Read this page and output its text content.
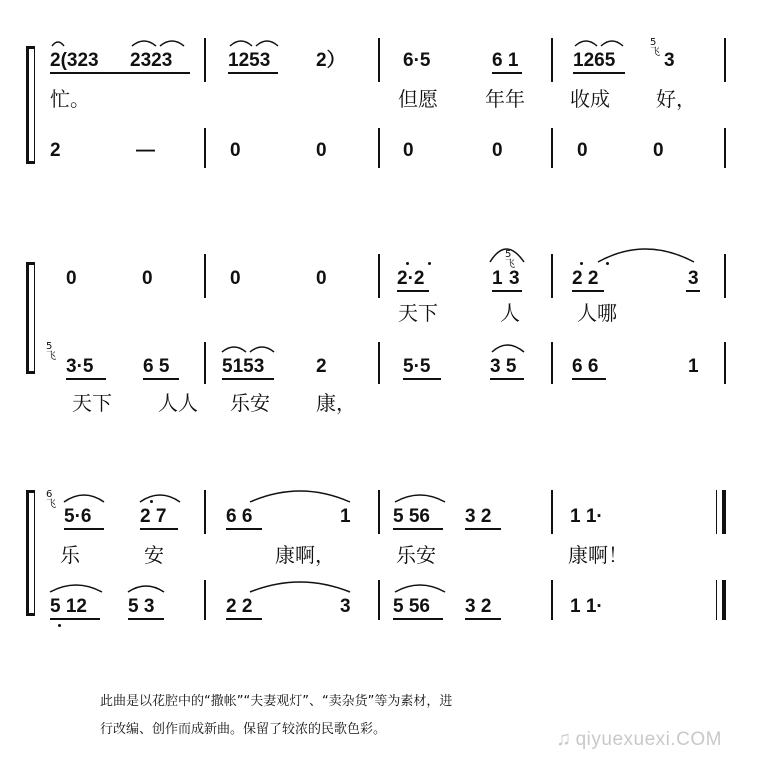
2(323 2323	1253 2）	6·5	6 1	1265	3
5
飞
忙。	但愿 年年 收成 好，
2	—	0	0	0	0	0	0
0	0	0	0	2·2	1 3	2 2	3
5
飞
天下	人	人哪
5
飞 3·5	6 5	5153	2	5·5	3 5	6 6	1
天下 人人 乐安 康，
6
飞
5·6	2 7	6 6	1 5 56 3 2	1 1·
乐	安	康啊，	乐安	康啊！
5 12 5 3	2 2	3 5 56 3 2	1 1·
此曲是以花腔中的“撒帐”“夫妻观灯”、“卖杂货”等为素材，进
行改编、创作而成新曲。保留了较浓的民歌色彩。	♫ qiyuexuexi.COM
